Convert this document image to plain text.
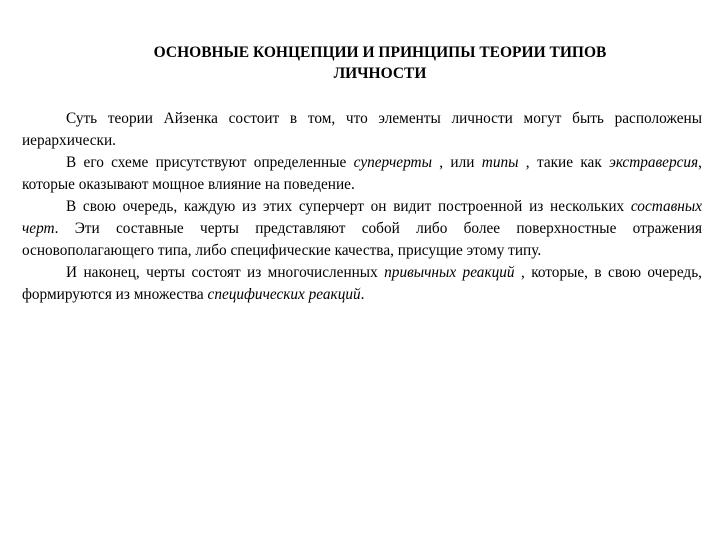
ОСНОВНЫЕ КОНЦЕПЦИИ И ПРИНЦИПЫ ТЕОРИИ ТИПОВ ЛИЧНОСТИ

Суть теории Айзенка состоит в том, что элементы личности могут быть расположены иерархически.

В его схеме присутствуют определенные суперчерты , или типы , такие как экстраверсия, которые оказывают мощное влияние на поведение.

В свою очередь, каждую из этих суперчерт он видит построенной из нескольких составных черт. Эти составные черты представляют собой либо более поверхностные отражения основополагающего типа, либо специфические качества, присущие этому типу.

И наконец, черты состоят из многочисленных привычных реакций , которые, в свою очередь, формируются из множества специфических реакций.
